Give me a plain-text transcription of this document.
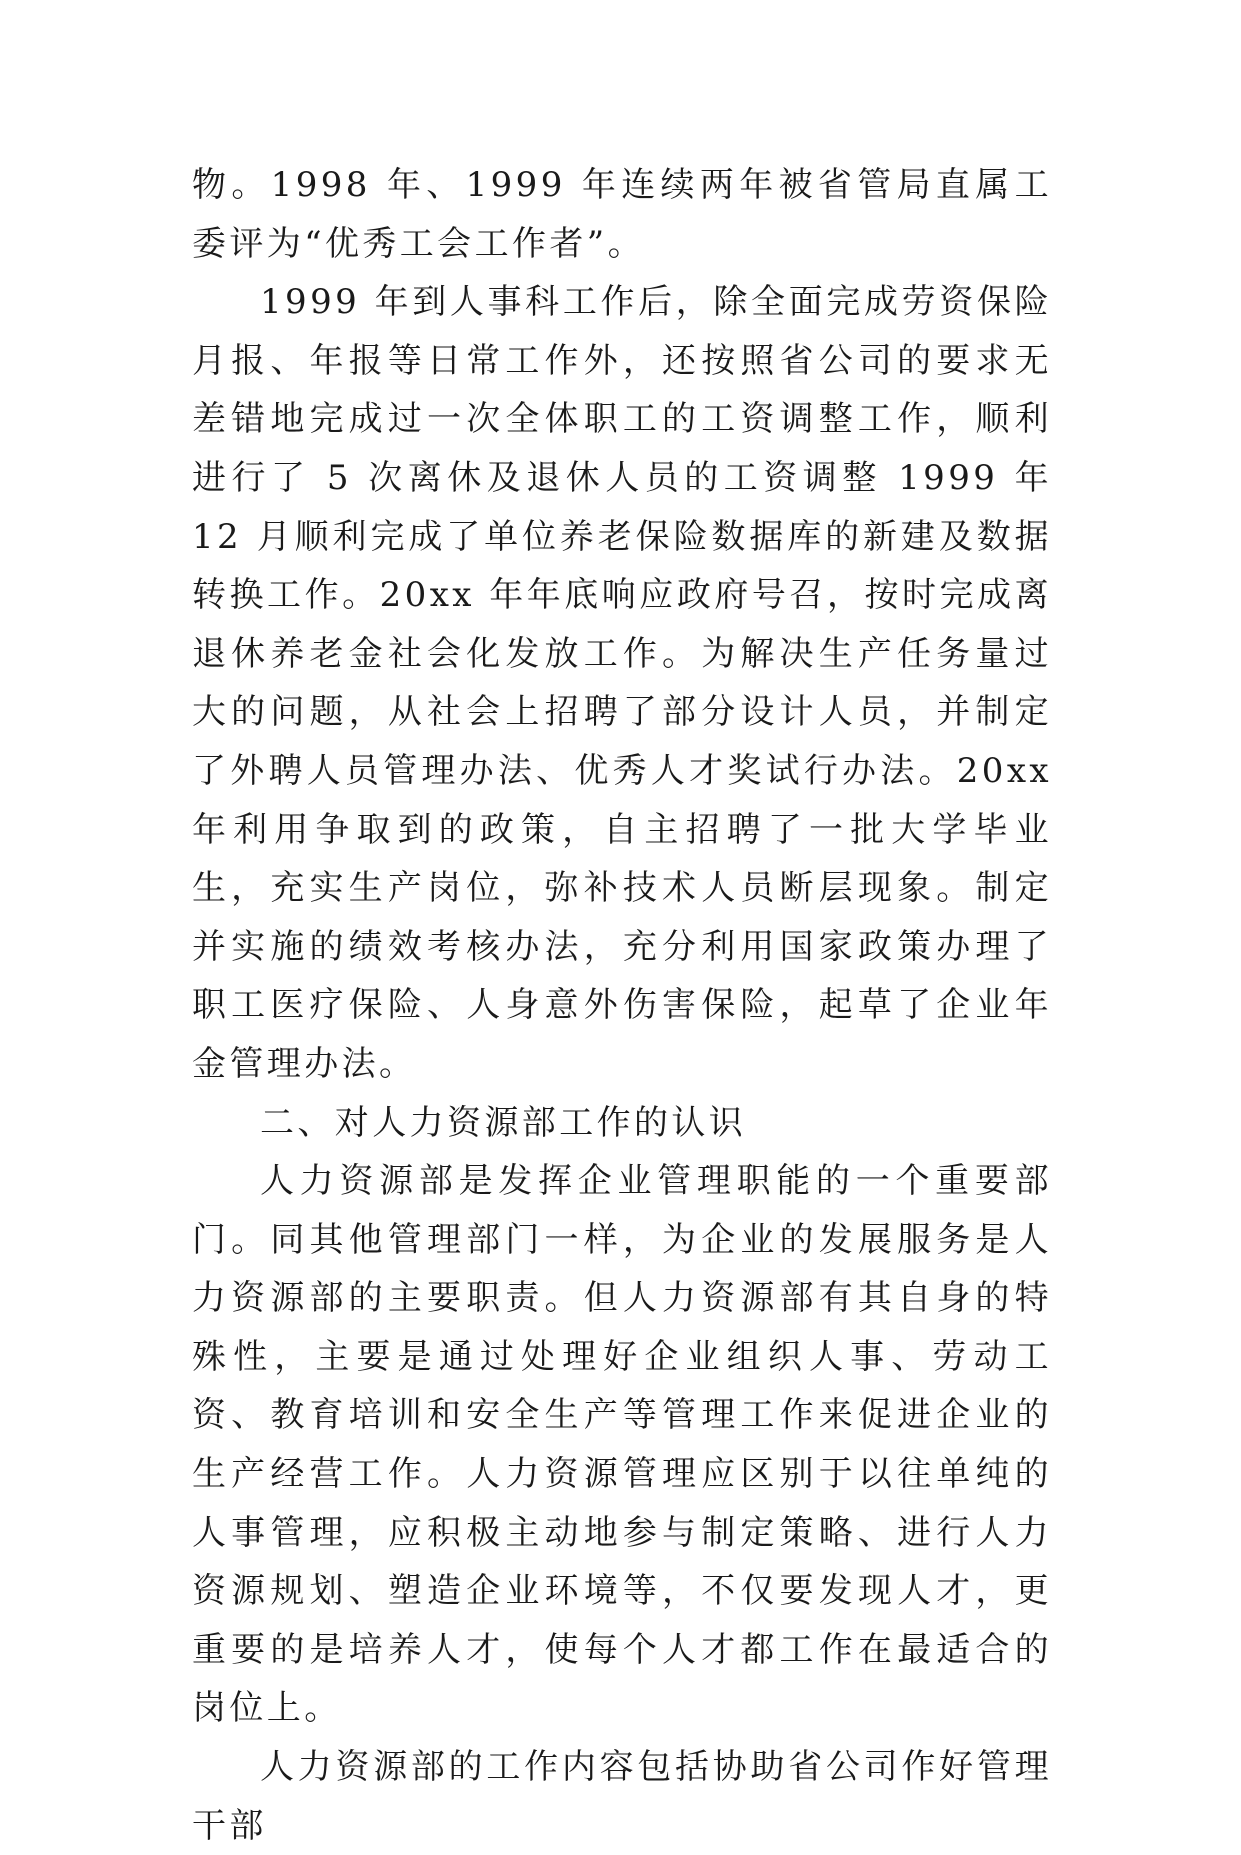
物。1998 年、1999 年连续两年被省管局直属工委评为“优秀工会工作者”。

1999 年到人事科工作后，除全面完成劳资保险月报、年报等日常工作外，还按照省公司的要求无差错地完成过一次全体职工的工资调整工作，顺利进行了 5 次离休及退休人员的工资调整 1999 年 12 月顺利完成了单位养老保险数据库的新建及数据转换工作。20xx 年年底响应政府号召，按时完成离退休养老金社会化发放工作。为解决生产任务量过大的问题，从社会上招聘了部分设计人员，并制定了外聘人员管理办法、优秀人才奖试行办法。20xx 年利用争取到的政策，自主招聘了一批大学毕业生，充实生产岗位，弥补技术人员断层现象。制定并实施的绩效考核办法，充分利用国家政策办理了职工医疗保险、人身意外伤害保险，起草了企业年金管理办法。

二、对人力资源部工作的认识

人力资源部是发挥企业管理职能的一个重要部门。同其他管理部门一样，为企业的发展服务是人力资源部的主要职责。但人力资源部有其自身的特殊性，主要是通过处理好企业组织人事、劳动工资、教育培训和安全生产等管理工作来促进企业的生产经营工作。人力资源管理应区别于以往单纯的人事管理，应积极主动地参与制定策略、进行人力资源规划、塑造企业环境等，不仅要发现人才，更重要的是培养人才，使每个人才都工作在最适合的岗位上。

人力资源部的工作内容包括协助省公司作好管理干部
